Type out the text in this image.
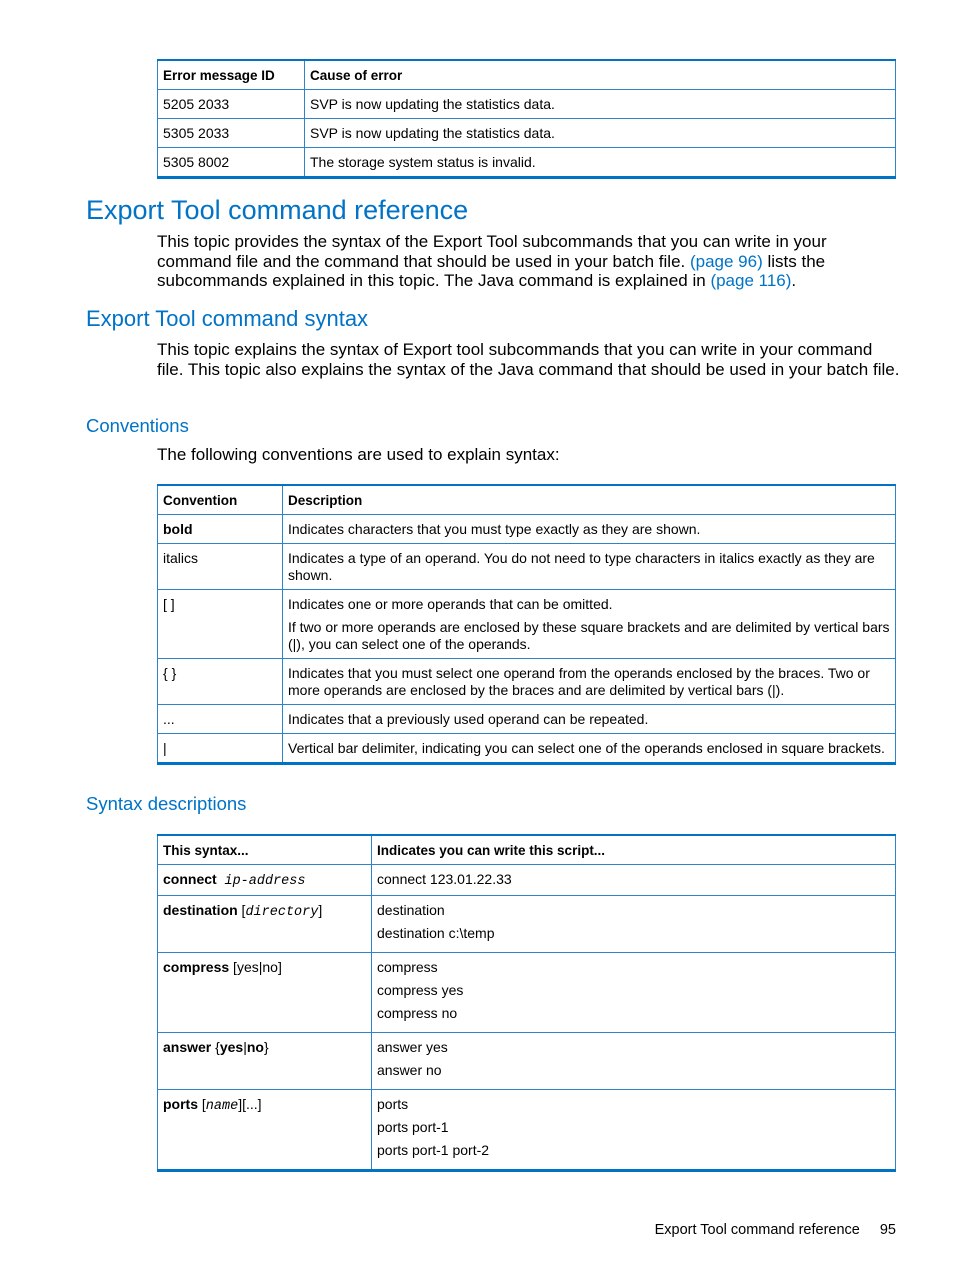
Error message ID	Cause of error
5205 2033	SVP is now updating the statistics data.
5305 2033	SVP is now updating the statistics data.
5305 8002	The storage system status is invalid.
Export Tool command reference

This topic provides the syntax of the Export Tool subcommands that you can write in your command file and the command that should be used in your batch file. (page 96) lists the subcommands explained in this topic. The Java command is explained in (page 116).

Export Tool command syntax

This topic explains the syntax of Export tool subcommands that you can write in your command file. This topic also explains the syntax of the Java command that should be used in your batch file.

Conventions

The following conventions are used to explain syntax:

Convention	Description
bold	Indicates characters that you must type exactly as they are shown.
italics	Indicates a type of an operand. You do not need to type characters in italics exactly as they are shown.
[ ]	Indicates one or more operands that can be omitted.

If two or more operands are enclosed by these square brackets and are delimited by vertical bars (|), you can select one of the operands.

{ }	Indicates that you must select one operand from the operands enclosed by the braces. Two or more operands are enclosed by the braces and are delimited by vertical bars (|).
...	Indicates that a previously used operand can be repeated.
|	Vertical bar delimiter, indicating you can select one of the operands enclosed in square brackets.
Syntax descriptions
This syntax...	Indicates you can write this script...
connect ip-address	connect 123.01.22.33

destination [directory]	destination
destination c:\temp

compress [yes|no]	compress
compress yes
compress no

answer {yes|no}	answer yes
answer no

ports [name][...]	ports
ports port-1
ports port-1 port-2
Export Tool command reference 95
